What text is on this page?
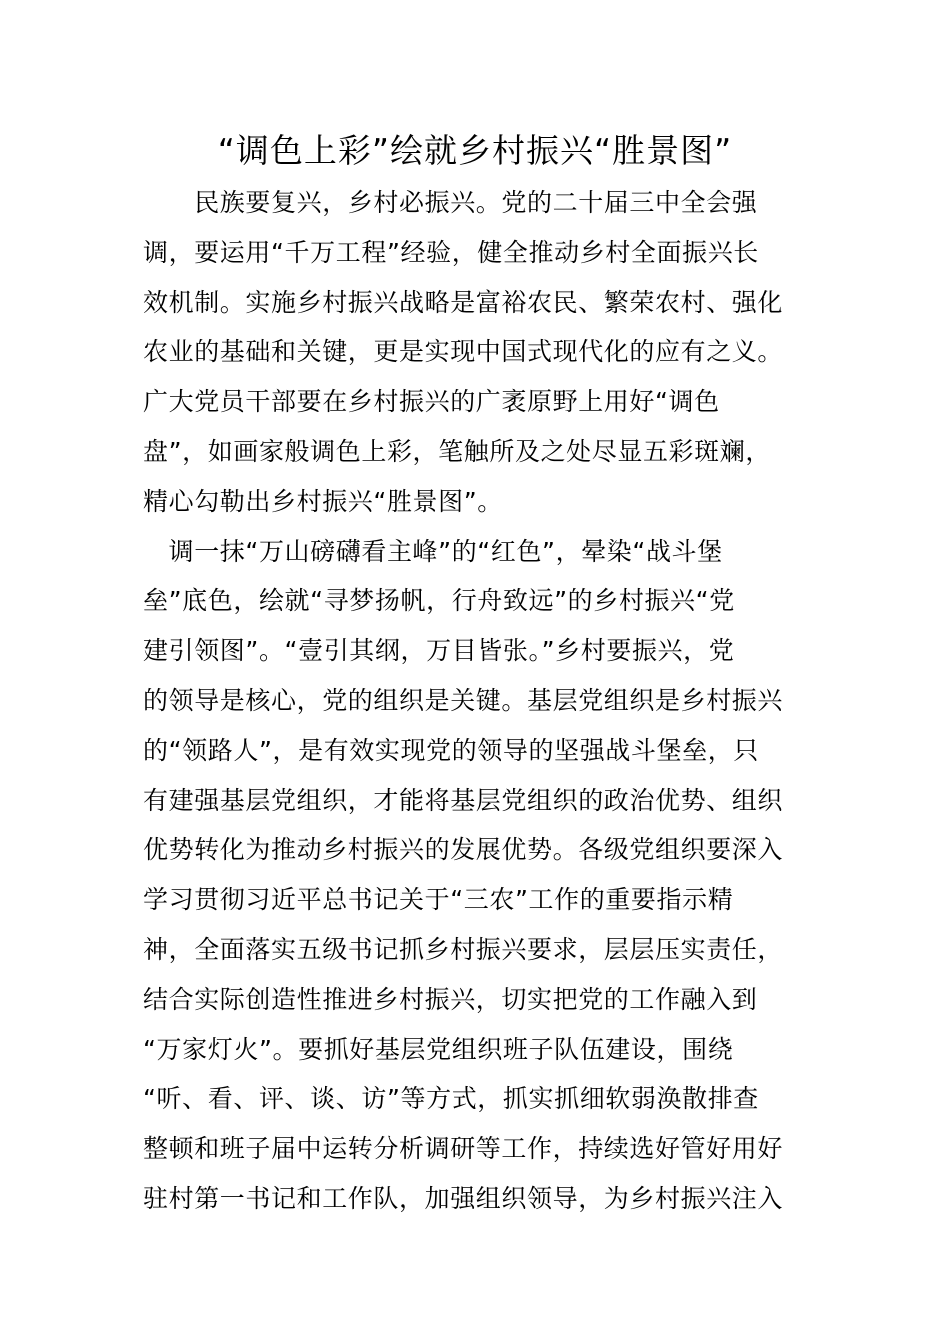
“调色上彩”绘就乡村振兴“胜景图”
　　民族要复兴，乡村必振兴。党的二十届三中全会强
调，要运用“千万工程”经验，健全推动乡村全面振兴长
效机制。实施乡村振兴战略是富裕农民、繁荣农村、强化
农业的基础和关键，更是实现中国式现代化的应有之义。
广大党员干部要在乡村振兴的广袤原野上用好“调色
盘”，如画家般调色上彩，笔触所及之处尽显五彩斑斓，
精心勾勒出乡村振兴“胜景图”。
　调一抹“万山磅礴看主峰”的“红色”，晕染“战斗堡
垒”底色，绘就“寻梦扬帆，行舟致远”的乡村振兴“党
建引领图”。“壹引其纲，万目皆张。”乡村要振兴，党
的领导是核心，党的组织是关键。基层党组织是乡村振兴
的“领路人”，是有效实现党的领导的坚强战斗堡垒，只
有建强基层党组织，才能将基层党组织的政治优势、组织
优势转化为推动乡村振兴的发展优势。各级党组织要深入
学习贯彻习近平总书记关于“三农”工作的重要指示精
神，全面落实五级书记抓乡村振兴要求，层层压实责任，
结合实际创造性推进乡村振兴，切实把党的工作融入到
“万家灯火”。要抓好基层党组织班子队伍建设，围绕
“听、看、评、谈、访”等方式，抓实抓细软弱涣散排查
整顿和班子届中运转分析调研等工作，持续选好管好用好
驻村第一书记和工作队，加强组织领导，为乡村振兴注入
